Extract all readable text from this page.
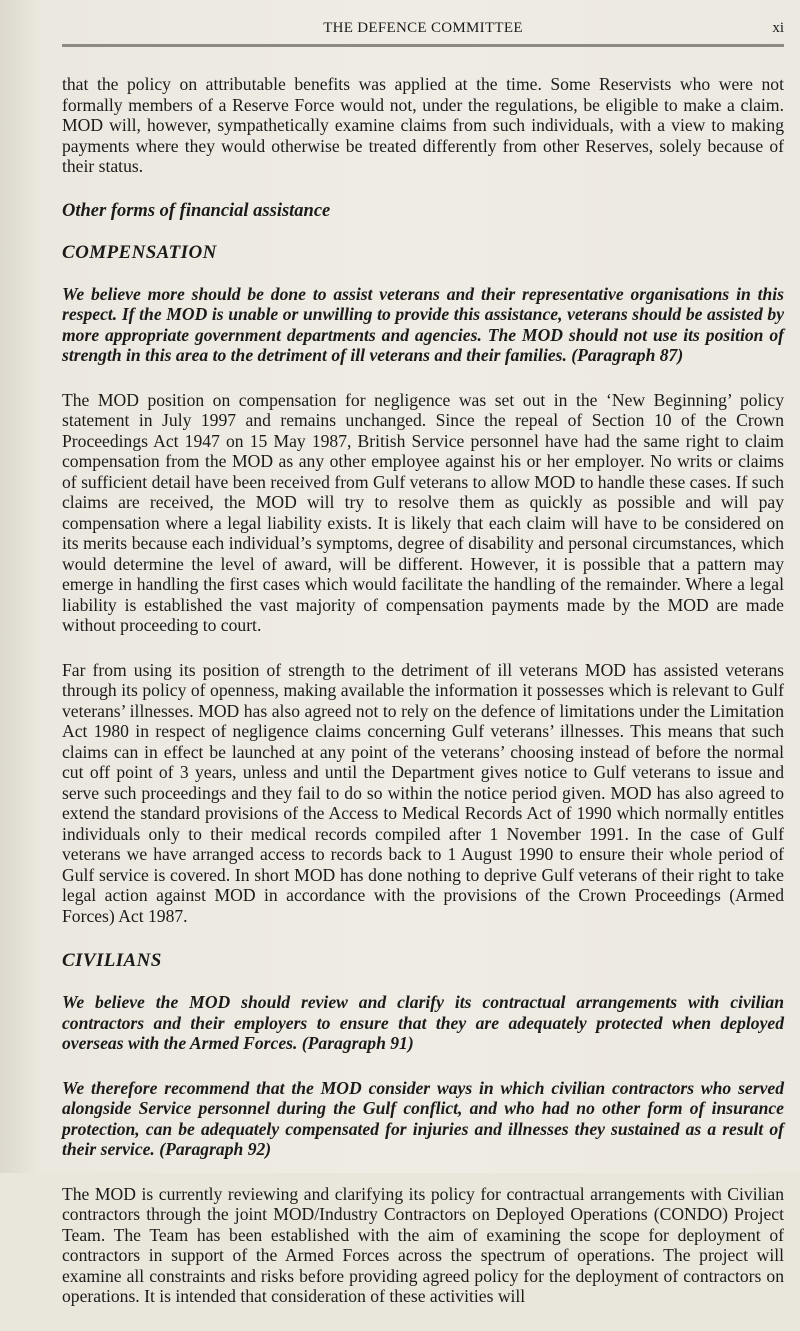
THE DEFENCE COMMITTEE	xi

that the policy on attributable benefits was applied at the time. Some Reservists who were not formally members of a Reserve Force would not, under the regulations, be eligible to make a claim. MOD will, however, sympathetically examine claims from such individuals, with a view to making payments where they would otherwise be treated differently from other Reserves, solely because of their status.

Other forms of financial assistance
COMPENSATION

We believe more should be done to assist veterans and their representative organisations in this respect. If the MOD is unable or unwilling to provide this assistance, veterans should be assisted by more appropriate government departments and agencies. The MOD should not use its position of strength in this area to the detriment of ill veterans and their families. (Paragraph 87)

The MOD position on compensation for negligence was set out in the ‘New Beginning’ policy statement in July 1997 and remains unchanged. Since the repeal of Section 10 of the Crown Proceedings Act 1947 on 15 May 1987, British Service personnel have had the same right to claim compensation from the MOD as any other employee against his or her employer. No writs or claims of sufficient detail have been received from Gulf veterans to allow MOD to handle these cases. If such claims are received, the MOD will try to resolve them as quickly as possible and will pay compensation where a legal liability exists. It is likely that each claim will have to be considered on its merits because each individual’s symptoms, degree of disability and personal circumstances, which would determine the level of award, will be different. However, it is possible that a pattern may emerge in handling the first cases which would facilitate the handling of the remainder. Where a legal liability is established the vast majority of compensation payments made by the MOD are made without proceeding to court.

Far from using its position of strength to the detriment of ill veterans MOD has assisted veterans through its policy of openness, making available the information it possesses which is relevant to Gulf veterans’ illnesses. MOD has also agreed not to rely on the defence of limitations under the Limitation Act 1980 in respect of negligence claims concerning Gulf veterans’ illnesses. This means that such claims can in effect be launched at any point of the veterans’ choosing instead of before the normal cut off point of 3 years, unless and until the Department gives notice to Gulf veterans to issue and serve such proceedings and they fail to do so within the notice period given. MOD has also agreed to extend the standard provisions of the Access to Medical Records Act of 1990 which normally entitles individuals only to their medical records compiled after 1 November 1991. In the case of Gulf veterans we have arranged access to records back to 1 August 1990 to ensure their whole period of Gulf service is covered. In short MOD has done nothing to deprive Gulf veterans of their right to take legal action against MOD in accordance with the provisions of the Crown Proceedings (Armed Forces) Act 1987.

CIVILIANS

We believe the MOD should review and clarify its contractual arrangements with civilian contractors and their employers to ensure that they are adequately protected when deployed overseas with the Armed Forces. (Paragraph 91)

We therefore recommend that the MOD consider ways in which civilian contractors who served alongside Service personnel during the Gulf conflict, and who had no other form of insurance protection, can be adequately compensated for injuries and illnesses they sustained as a result of their service. (Paragraph 92)

The MOD is currently reviewing and clarifying its policy for contractual arrangements with Civilian contractors through the joint MOD/Industry Contractors on Deployed Operations (CONDO) Project Team. The Team has been established with the aim of examining the scope for deployment of contractors in support of the Armed Forces across the spectrum of operations. The project will examine all constraints and risks before providing agreed policy for the deployment of contractors on operations. It is intended that consideration of these activities will
